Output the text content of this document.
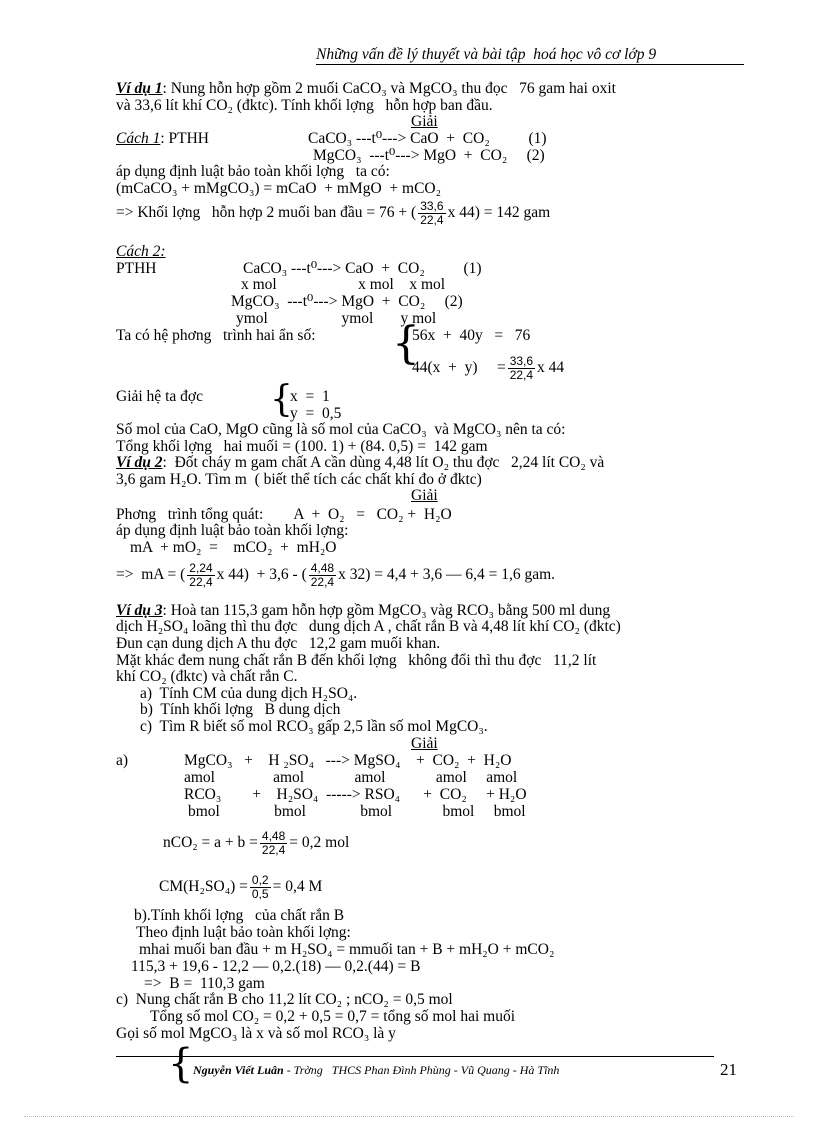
Những vấn đề lý thuyết và bài tập  hoá học vô cơ lớp 9
Ví dụ 1: Nung hỗn hợp gồm 2 muối CaCO₃ và MgCO₃ thu đọc   76 gam hai oxit
và 33,6 lít khí CO₂ (đktc). Tính khối lợng   hỗn hợp ban đầu.
Giải
Cách 1: PTHH	CaCO₃ ---t⁰---> CaO  +  CO₂          (1)
MgCO₃  ---t⁰---> MgO  +  CO₂     (2)
áp dụng định luật bảo toàn khối lợng   ta có:
(mCaCO₃ + mMgCO₃) = mCaO  + mMgO  + mCO₂
=> Khối lợng   hỗn hợp 2 muối ban đầu = 76 + ( $\frac{33,6}{22,4}$ x 44) = 142 gam
Cách 2:
PTHH	CaCO₃ ---t⁰---> CaO  +  CO₂          (1)
x mol                     x mol    x mol
MgCO₃  ---t⁰---> MgO  +  CO₂     (2)
ymol                   ymol       y mol
Ta có hệ phơng   trình hai ẩn số: {
56x  +  40y   =   76
44(x  +  y)     = $\frac{33,6}{22,4}$ x 44
Giải hệ ta đợc {
x  =  1
y  =  0,5
Số mol của CaO, MgO cũng là số mol của CaCO₃  và MgCO₃ nên ta có:
Tổng khối lợng   hai muối = (100. 1) + (84. 0,5) =  142 gam
Ví dụ 2:  Đốt cháy m gam chất A cần dùng 4,48 lít O₂ thu đợc   2,24 lít CO₂ và
3,6 gam H₂O. Tìm m  ( biết thể tích các chất khí đo ở đktc)
Giải
Phơng   trình tổng quát:        A  +  O₂   =   CO₂ +  H₂O
áp dụng định luật bảo toàn khối lợng:
mA  + mO₂  =    mCO₂  +  mH₂O
=>  mA = ( $\frac{2,24}{22,4}$ x 44)  + 3,6 - ( $\frac{4,48}{22,4}$ x 32) = 4,4 + 3,6 — 6,4 = 1,6 gam.
Ví dụ 3: Hoà tan 115,3 gam hỗn hợp gồm MgCO₃ vàg RCO₃ bằng 500 ml dung
dịch H₂SO₄ loãng thì thu đợc   dung dịch A , chất rắn B và 4,48 lít khí CO₂ (đktc)
Đun cạn dung dịch A thu đợc   12,2 gam muối khan.
Mặt khác đem nung chất rắn B đến khối lợng   không đổi thì thu đợc   11,2 lít
khí CO₂ (đktc) và chất rắn C.
a)  Tính CM của dung dịch H₂SO₄.
b)  Tính khối lợng   B dung dịch
c)  Tìm R biết số mol RCO₃ gấp 2,5 lần số mol MgCO₃.
Giải
a)	MgCO₃   +    H ₂SO₄   ---> MgSO₄    +  CO₂  +  H₂O
amol               amol             amol             amol     amol
RCO₃        +    H₂SO₄  -----> RSO₄      +  CO₂     + H₂O
bmol              bmol              bmol             bmol     bmol
$nCO_2 = a + b = \frac{4,48}{22,4} = 0,2$ mol
$CM(H_2SO_4) = \frac{0,2}{0,5} = 0,4$ M
b).Tính khối lợng   của chất rắn B
Theo định luật bảo toàn khối lợng:
mhai muối ban đầu + m H₂SO₄ = mmuối tan + B + mH₂O + mCO₂
115,3 + 19,6 - 12,2 — 0,2.(18) — 0,2.(44) = B
=>  B =  110,3 gam
c)  Nung chất rắn B cho 11,2 lít CO₂ ; nCO₂ = 0,5 mol
Tổng số mol CO₂ = 0,2 + 0,5 = 0,7 = tổng số mol hai muối
Gọi số mol MgCO₃ là x và số mol RCO₃ là y
{ Nguyễn Viết Luân - Trờng   THCS Phan Đình Phùng - Vũ Quang - Hà Tĩnh	21
